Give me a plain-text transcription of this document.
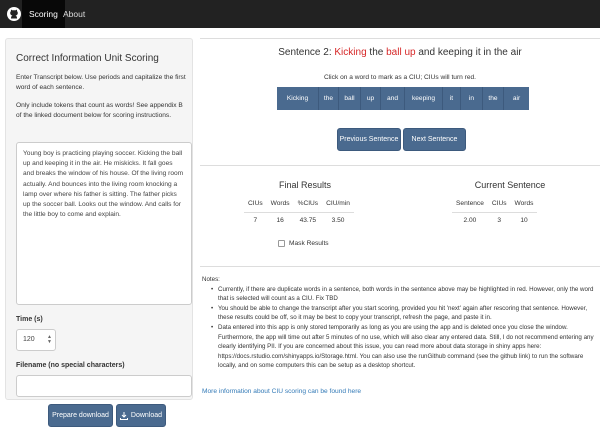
Scoring About
Correct Information Unit Scoring
Enter Transcript below. Use periods and capitalize the first word of each sentence.
Only include tokens that count as words! See appendix B of the linked document below for scoring instructions.
Young boy is practicing playing soccer. Kicking the ball up and keeping it in the air. He miskicks. It fall goes and breaks the window of his house. Of the living room actually. And bounces into the living room knocking a lamp over where his father is sitting. The father picks up the soccer ball. Looks out the window. And calls for the little boy to come and explain.
Time (s)
120 ▲
▼
Filename (no special characters)
Prepare download	Download
Sentence 2: Kicking the ball up and keeping it in the air
Click on a word to mark as a CIU; CIUs will turn red.
Kicking	the	ball	up	and	keeping	it	in	the	air
Previous Sentence	Next Sentence
Final Results
CIUs	Words	%CIUs	CIU/min
7	16	43.75	3.50
Current Sentence
Sentence	CIUs	Words
2.00	3	10
Mask Results
Notes:
• Currently, if there are duplicate words in a sentence, both words in the sentence above may be highlighted in red. However, only the word that is selected will count as a CIU. Fix TBD
• You should be able to change the transcript after you start scoring, provided you hit 'next' again after rescoring that sentence. However, these results could be off, so it may be best to copy your transcript, refresh the page, and paste it in.
• Data entered into this app is only stored temporarily as long as you are using the app and is deleted once you close the window. Furthermore, the app will time out after 5 minutes of no use, which will also clear any entered data. Still, I do not recommend entering any clearly identifying PII. If you are concerned about this issue, you can read more about data storage in shiny apps here: https://docs.rstudio.com/shinyapps.io/Storage.html. You can also use the runGithub command (see the github link) to run the software locally, and on some computers this can be setup as a desktop shortcut.
More information about CIU scoring can be found here
